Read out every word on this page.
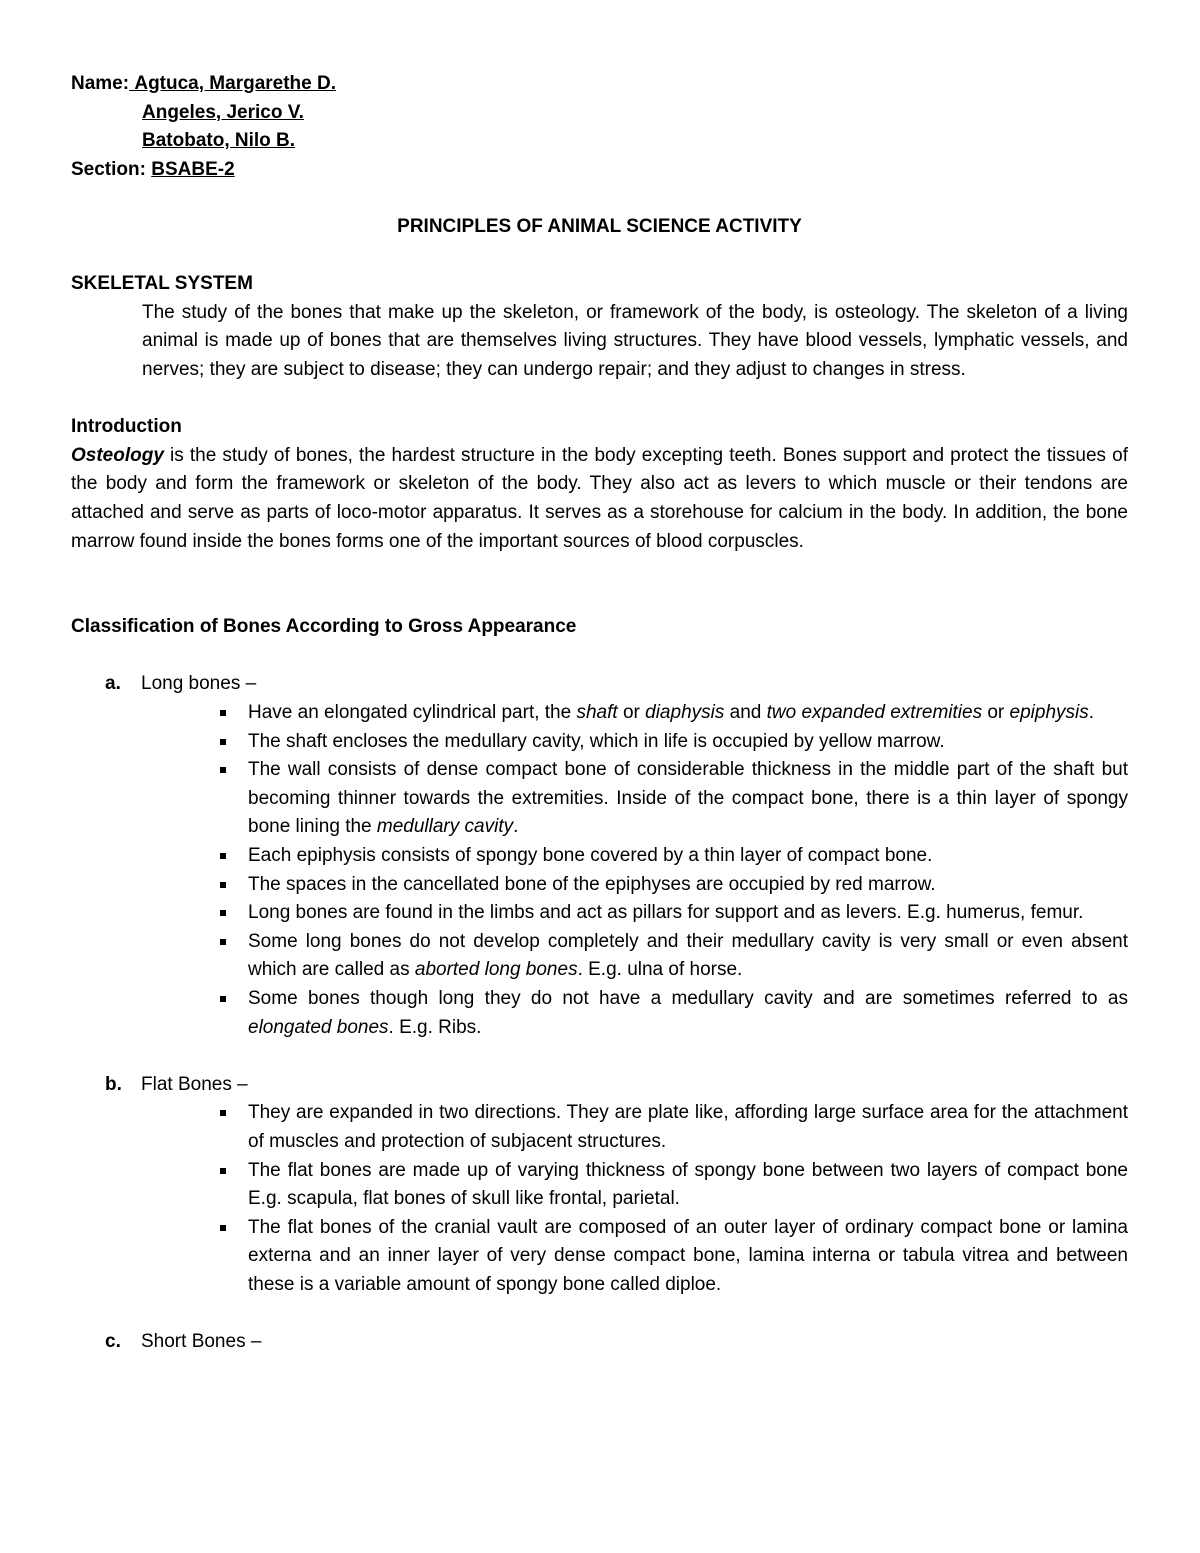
Name: Agtuca, Margarethe D.
Angeles, Jerico V.
Batobato, Nilo B.
Section: BSABE-2
PRINCIPLES OF ANIMAL SCIENCE ACTIVITY
SKELETAL SYSTEM
The study of the bones that make up the skeleton, or framework of the body, is osteology. The skeleton of a living animal is made up of bones that are themselves living structures. They have blood vessels, lymphatic vessels, and nerves; they are subject to disease; they can undergo repair; and they adjust to changes in stress.
Introduction
Osteology is the study of bones, the hardest structure in the body excepting teeth. Bones support and protect the tissues of the body and form the framework or skeleton of the body. They also act as levers to which muscle or their tendons are attached and serve as parts of loco-motor apparatus. It serves as a storehouse for calcium in the body. In addition, the bone marrow found inside the bones forms one of the important sources of blood corpuscles.
Classification of Bones According to Gross Appearance
a.	Long bones –
Have an elongated cylindrical part, the shaft or diaphysis and two expanded extremities or epiphysis.
The shaft encloses the medullary cavity, which in life is occupied by yellow marrow.
The wall consists of dense compact bone of considerable thickness in the middle part of the shaft but becoming thinner towards the extremities. Inside of the compact bone, there is a thin layer of spongy bone lining the medullary cavity.
Each epiphysis consists of spongy bone covered by a thin layer of compact bone.
The spaces in the cancellated bone of the epiphyses are occupied by red marrow.
Long bones are found in the limbs and act as pillars for support and as levers. E.g. humerus, femur.
Some long bones do not develop completely and their medullary cavity is very small or even absent which are called as aborted long bones. E.g. ulna of horse.
Some bones though long they do not have a medullary cavity and are sometimes referred to as elongated bones. E.g. Ribs.
b.	Flat Bones –
They are expanded in two directions. They are plate like, affording large surface area for the attachment of muscles and protection of subjacent structures.
The flat bones are made up of varying thickness of spongy bone between two layers of compact bone E.g. scapula, flat bones of skull like frontal, parietal.
The flat bones of the cranial vault are composed of an outer layer of ordinary compact bone or lamina externa and an inner layer of very dense compact bone, lamina interna or tabula vitrea and between these is a variable amount of spongy bone called diploe.
c.	Short Bones –
